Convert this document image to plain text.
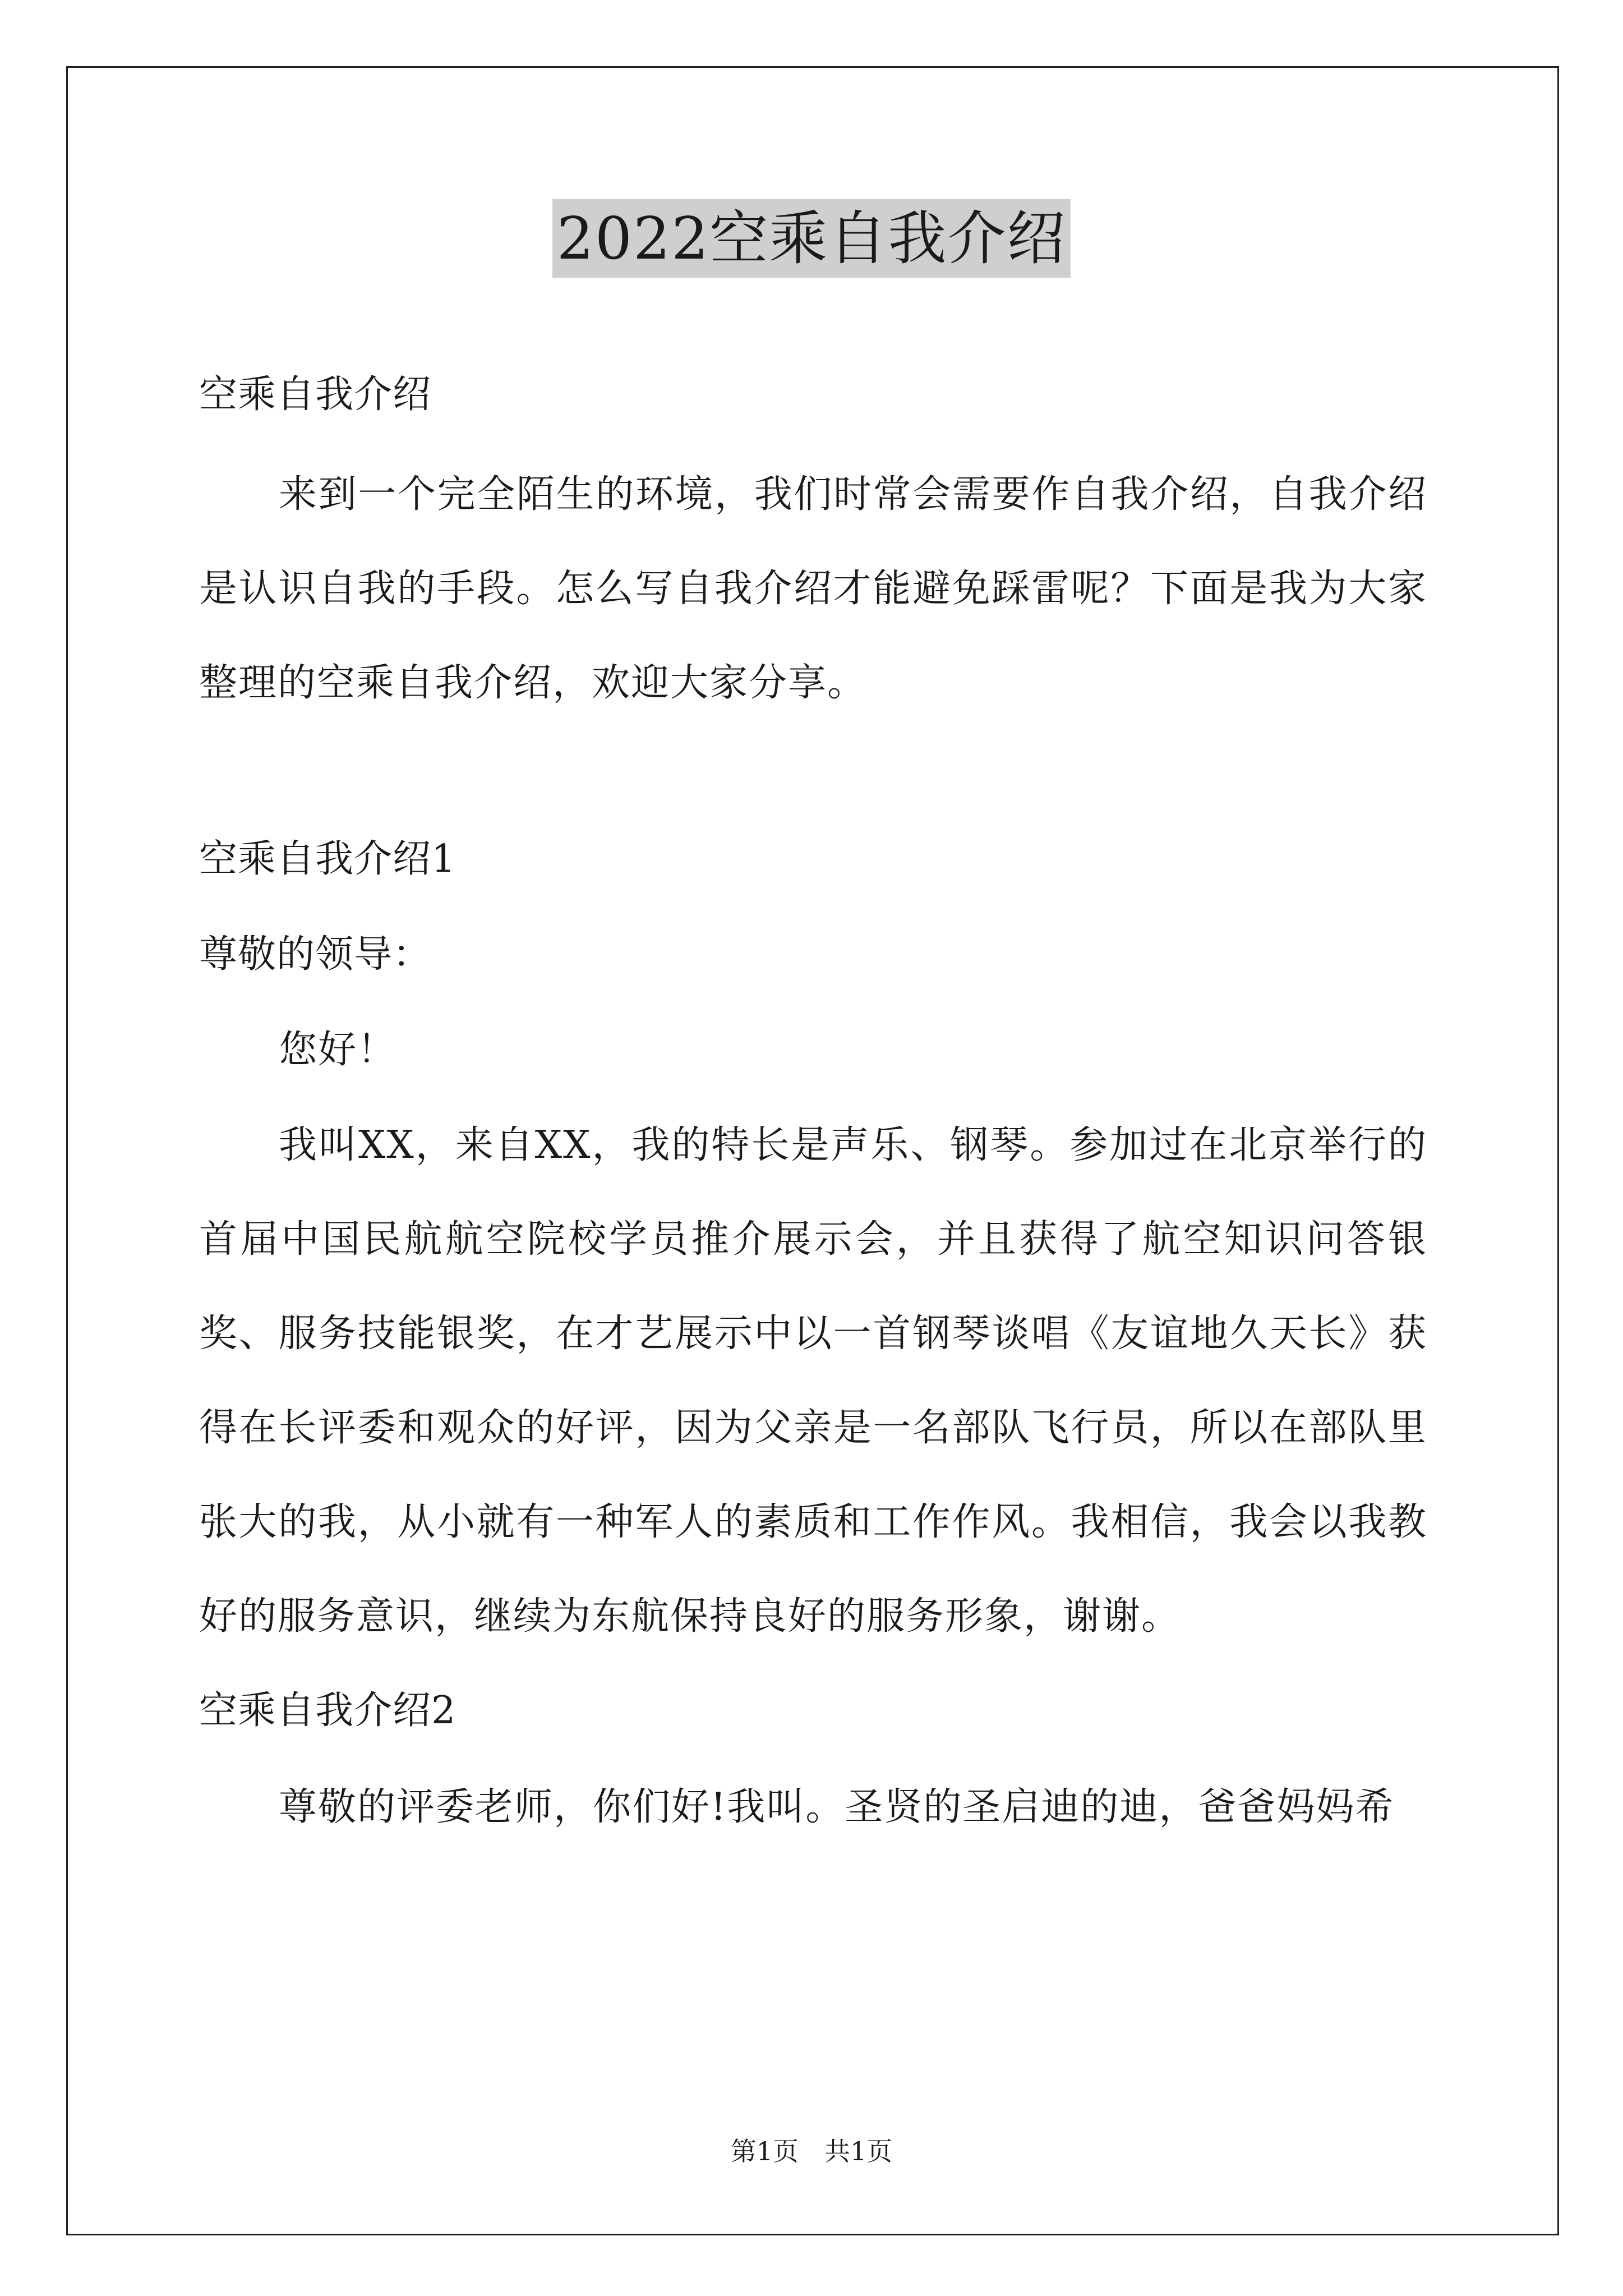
2022空乘自我介绍

空乘自我介绍

来到一个完全陌生的环境，我们时常会需要作自我介绍，自我介绍是认识自我的手段。怎么写自我介绍才能避免踩雷呢？下面是我为大家整理的空乘自我介绍，欢迎大家分享。

空乘自我介绍1

尊敬的领导：

您好！

我叫XX，来自XX，我的特长是声乐、钢琴。参加过在北京举行的首届中国民航航空院校学员推介展示会，并且获得了航空知识问答银奖、服务技能银奖，在才艺展示中以一首钢琴谈唱《友谊地久天长》获得在长评委和观众的好评，因为父亲是一名部队飞行员，所以在部队里张大的我，从小就有一种军人的素质和工作作风。我相信，我会以我教好的服务意识，继续为东航保持良好的服务形象，谢谢。

空乘自我介绍2

尊敬的评委老师，你们好!我叫。圣贤的圣启迪的迪，爸爸妈妈希

第1页　共1页
